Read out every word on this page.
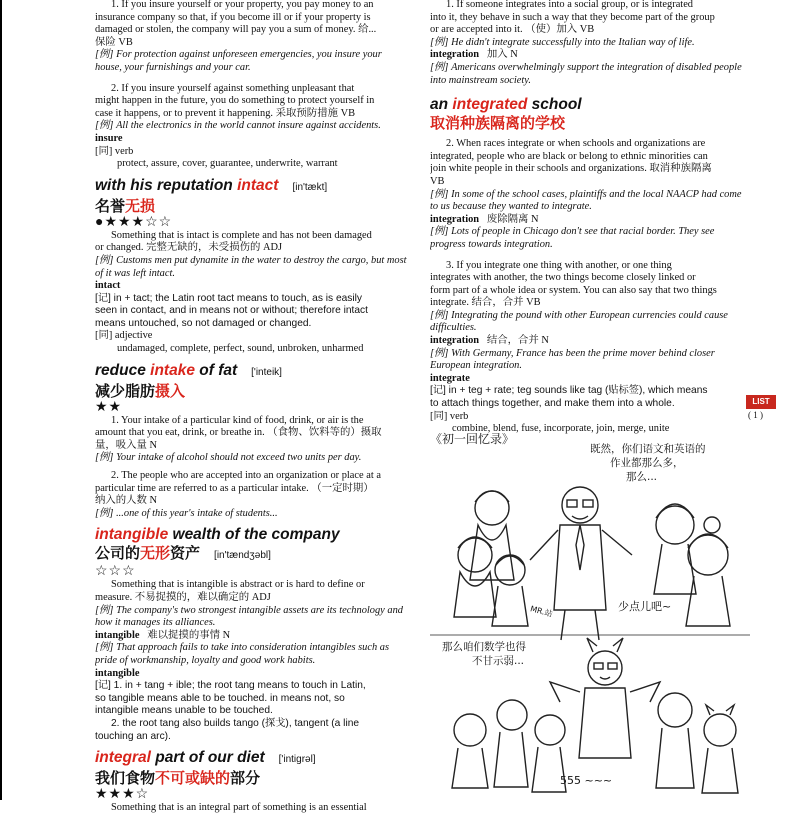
1. If you insure yourself or your property, you pay money to an

insurance company so that, if you become ill or if your property is

damaged or stolen, the company will pay you a sum of money. 给...

保险 VB

[例] For protection against unforeseen emergencies, you insure your house, your furnishings and your car.

2. If you insure yourself against something unpleasant that

might happen in the future, you do something to protect yourself in

case it happens, or to prevent it happening. 采取预防措施 VB

[例] All the electronics in the world cannot insure against accidents.

insure

[同] verb

protect, assure, cover, guarantee, underwrite, warrant

with his reputation intact [in'tækt]

名誉无损

●★★★☆☆

Something that is intact is complete and has not been damaged

or changed. 完整无缺的，未受损伤的 ADJ

[例] Customs men put dynamite in the water to destroy the cargo, but most of it was left intact.

intact

[记] in + tact; the Latin root tact means to touch, as is easily

seen in contact, and in means not or without; therefore intact

means untouched, so not damaged or changed.

[同] adjective

undamaged, complete, perfect, sound, unbroken, unharmed

reduce intake of fat ['inteik]

减少脂肪摄入

★★

1. Your intake of a particular kind of food, drink, or air is the

amount that you eat, drink, or breathe in. （食物、饮料等的）摄取

量，吸入量 N

[例] Your intake of alcohol should not exceed two units per day.

2. The people who are accepted into an organization or place at a

particular time are referred to as a particular intake. （一定时期）

纳入的人数 N

[例] ...one of this year's intake of students...

intangible wealth of the company

公司的无形资产 [in'tændʒəbl]

☆☆☆

Something that is intangible is abstract or is hard to define or

measure. 不易捉摸的，难以确定的 ADJ

[例] The company's two strongest intangible assets are its technology and how it manages its alliances.

intangible 难以捉摸的事情 N

[例] That approach fails to take into consideration intangibles such as pride of workmanship, loyalty and good work habits.

intangible

[记] 1. in + tang + ible; the root tang means to touch in Latin,

so tangible means able to be touched. in means not, so

intangible means unable to be touched.

2. the root tang also builds tango (探戈), tangent (a line

touching an arc).

integral part of our diet ['intigrəl]

我们食物不可或缺的部分

★★★☆

Something that is an integral part of something is an essential

1. If someone integrates into a social group, or is integrated

into it, they behave in such a way that they become part of the group

or are accepted into it. （使）加入 VB

[例] He didn't integrate successfully into the Italian way of life.

integration 加入 N

[例] Americans overwhelmingly support the integration of disabled people into mainstream society.

an integrated school

取消种族隔离的学校

2. When races integrate or when schools and organizations are

integrated, people who are black or belong to ethnic minorities can

join white people in their schools and organizations. 取消种族隔离

VB

[例] In some of the school cases, plaintiffs and the local NAACP had come to us because they wanted to integrate.

integration 废除隔离 N

[例] Lots of people in Chicago don't see that racial border. They see progress towards integration.

3. If you integrate one thing with another, or one thing

integrates with another, the two things become closely linked or

form part of a whole idea or system. You can also say that two things

integrate. 结合，合并 VB

[例] Integrating the pound with other European currencies could cause difficulties.

integration 结合，合并 N

[例] With Germany, France has been the prime mover behind closer European integration.

integrate

[记] in + teg + rate; teg sounds like tag (贴标签), which means

to attach things together, and make them into a whole.

[同] verb

combine, blend, fuse, incorporate, join, merge, unite

LIST
( 1 )
《初一回忆录》
既然，你们语文和英语的
作业都那么多，
那么...
少点儿吧~
那么咱们数学也得
不甘示弱...
MR.站
555 ~~~
